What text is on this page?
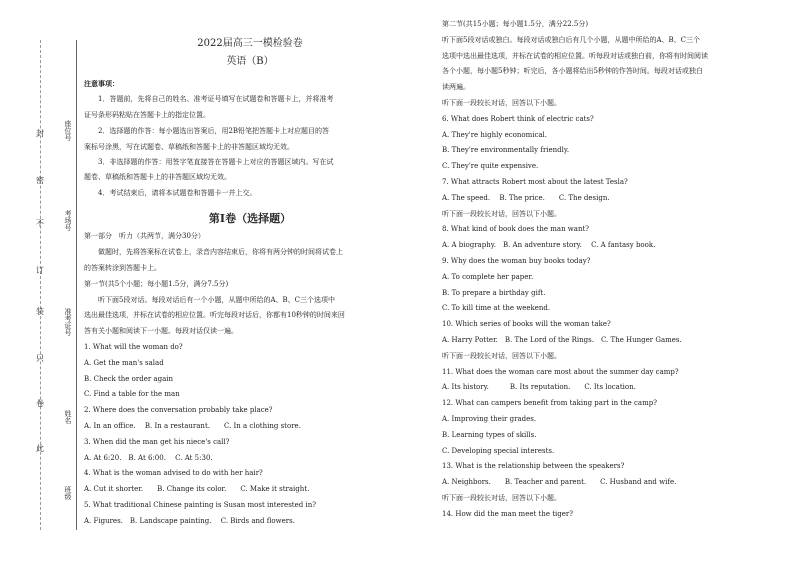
封
密
不
订
装
只
卷
此
座位号
考场号
准考证号
姓名
班级
2022届高三一模检验卷
英语（B）
注意事项：
1．答题前，先将自己的姓名、准考证号填写在试题卷和答题卡上，并将准考
证号条形码粘贴在答题卡上的指定位置。
2．选择题的作答：每小题选出答案后，用2B铅笔把答题卡上对应题目的答
案标号涂黑，写在试题卷、草稿纸和答题卡上的非答题区域均无效。
3．非选择题的作答：用签字笔直接答在答题卡上对应的答题区域内。写在试
题卷、草稿纸和答题卡上的非答题区域均无效。
4．考试结束后，请将本试题卷和答题卡一并上交。
第Ⅰ卷（选择题）
第一部分　听力（共两节，满分30分）
做题时，先将答案标在试卷上，录音内容结束后，你将有两分钟的时间将试卷上
的答案转涂到答题卡上。
第一节(共5个小题；每小题1.5分，满分7.5分)
听下面5段对话。每段对话后有一个小题，从题中所给的A、B、C三个选项中
选出最佳选项，并标在试卷的相应位置。听完每段对话后，你都有10秒钟的时间来回
答有关小题和阅读下一小题。每段对话仅读一遍。
1. What will the woman do?
A. Get the man's salad
B. Check the order again
C. Find a table for the man
2. Where does the conversation probably take place?
A. In an office.　 B. In a restaurant.　　C. In a clothing store.
3. When did the man get his niece's call?
A. At 6:20.　B. At 6:00.　 C. At 5:30.
4. What is the woman advised to do with her hair?
A. Cut it shorter.　　B. Change its color.　　C. Make it straight.
5. What traditional Chinese painting is Susan most interested in?
A. Figures.　B. Landscape painting.　 C. Birds and flowers.
第二节(共15小题；每小题1.5分，满分22.5分)
听下面5段对话或独白。每段对话或独白后有几个小题，从题中所给的A、B、C三个
选项中选出最佳选项，并标在试卷的相应位置。听每段对话或独白前，你将有时间阅读
各个小题，每小题5秒钟；听完后，各小题将给出5秒钟的作答时间。每段对话或独白
读两遍。
听下面一段较长对话，回答以下小题。
6. What does Robert think of electric cats?
A. They're highly economical.
B. They're environmentally friendly.
C. They're quite expensive.
7. What attracts Robert most about the latest Tesla?
A. The speed.　 B. The price.　　C. The design.
听下面一段较长对话，回答以下小题。
8. What kind of book does the man want?
A. A biography.　B. An adventure story.　 C. A fantasy book.
9. Why does the woman buy books today?
A. To complete her paper.
B. To prepare a birthday gift.
C. To kill time at the weekend.
10. Which series of books will the woman take?
A. Harry Potter.　B. The Lord of the Rings.　C. The Hunger Games.
听下面一段较长对话，回答以下小题。
11. What does the woman care most about the summer day camp?
A. Its history.　　　B. Its reputation.　　C. Its location.
12. What can campers benefit from taking part in the camp?
A. Improving their grades.
B. Learning types of skills.
C. Developing special interests.
13. What is the relationship between the speakers?
A. Neighbors.　　B. Teacher and parent.　　C. Husband and wife.
听下面一段较长对话，回答以下小题。
14. How did the man meet the tiger?
